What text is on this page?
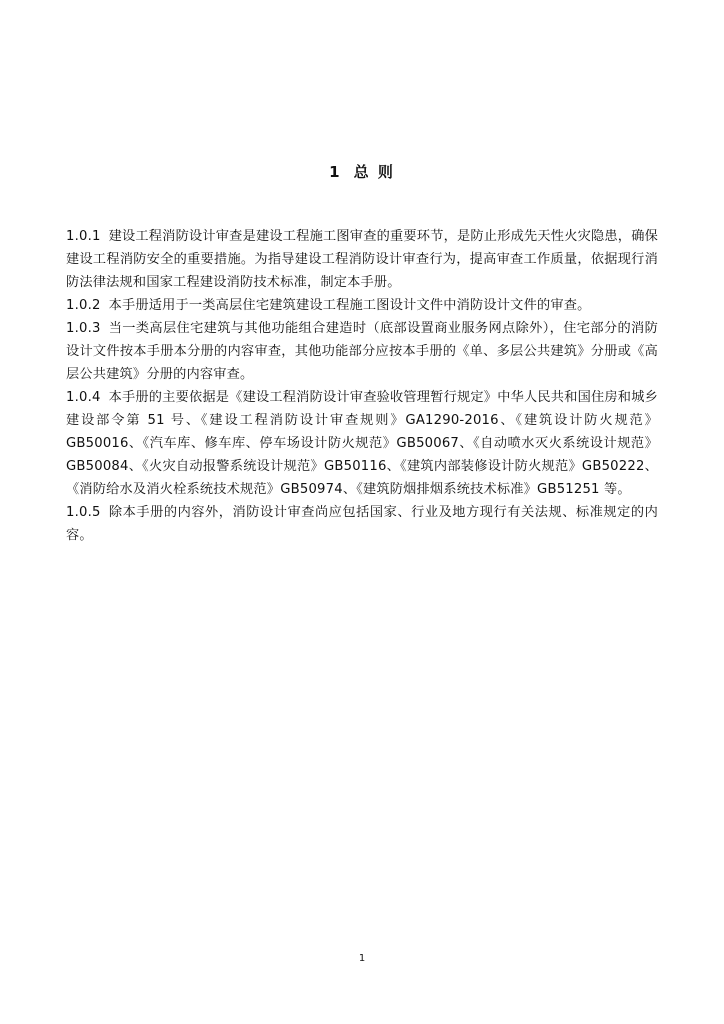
1 总 则

1.0.1 建设工程消防设计审查是建设工程施工图审查的重要环节，是防止形成先天性火灾隐患，确保建设工程消防安全的重要措施。为指导建设工程消防设计审查行为，提高审查工作质量，依据现行消防法律法规和国家工程建设消防技术标准，制定本手册。

1.0.2 本手册适用于一类高层住宅建筑建设工程施工图设计文件中消防设计文件的审查。

1.0.3 当一类高层住宅建筑与其他功能组合建造时（底部设置商业服务网点除外），住宅部分的消防设计文件按本手册本分册的内容审查，其他功能部分应按本手册的《单、多层公共建筑》分册或《高层公共建筑》分册的内容审查。

1.0.4 本手册的主要依据是《建设工程消防设计审查验收管理暂行规定》中华人民共和国住房和城乡建设部令第 51 号、《建设工程消防设计审查规则》GA1290-2016、《建筑设计防火规范》GB50016、《汽车库、修车库、停车场设计防火规范》GB50067、《自动喷水灭火系统设计规范》GB50084、《火灾自动报警系统设计规范》GB50116、《建筑内部装修设计防火规范》GB50222、《消防给水及消火栓系统技术规范》GB50974、《建筑防烟排烟系统技术标准》GB51251 等。

1.0.5 除本手册的内容外，消防设计审查尚应包括国家、行业及地方现行有关法规、标准规定的内容。

1
